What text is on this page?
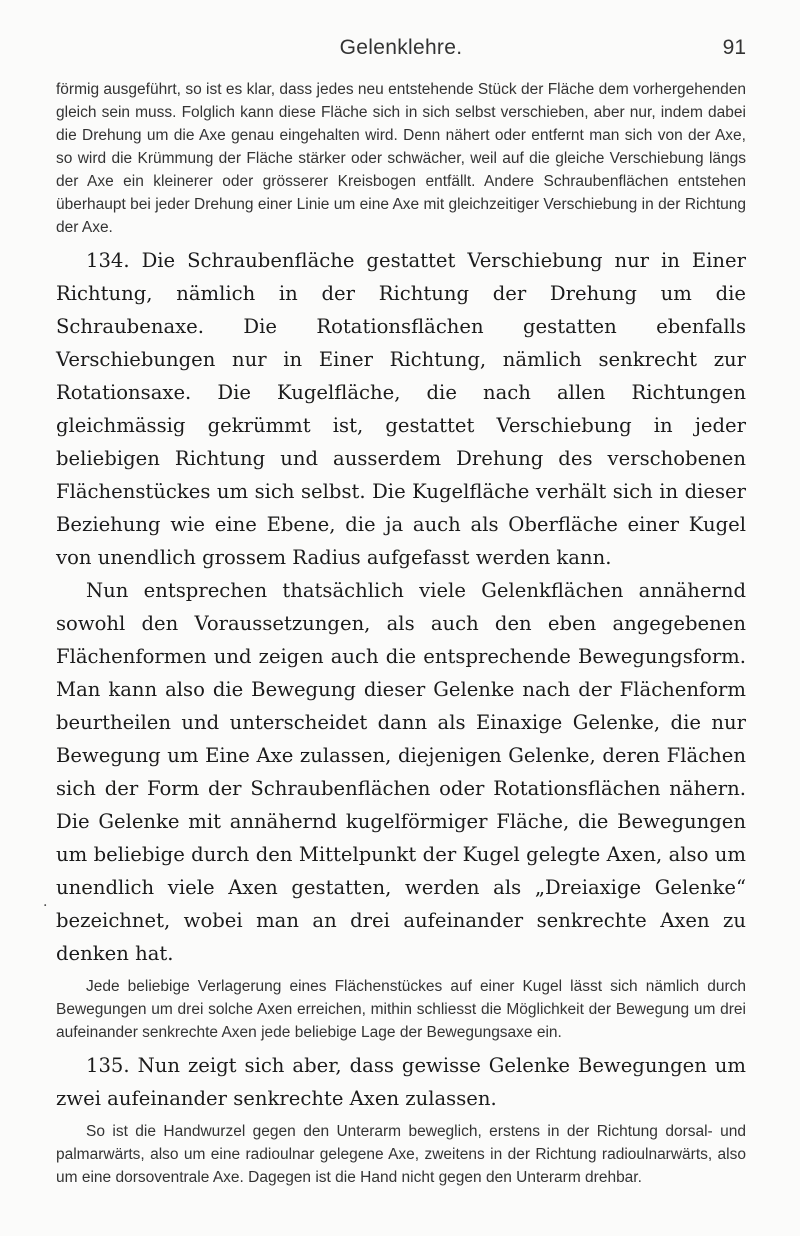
Gelenklehre.	91

förmig ausgeführt, so ist es klar, dass jedes neu entstehende Stück der Fläche dem vorhergehenden gleich sein muss. Folglich kann diese Fläche sich in sich selbst verschieben, aber nur, indem dabei die Drehung um die Axe genau eingehalten wird. Denn nähert oder entfernt man sich von der Axe, so wird die Krümmung der Fläche stärker oder schwächer, weil auf die gleiche Verschiebung längs der Axe ein kleinerer oder grösserer Kreisbogen entfällt. Andere Schraubenflächen entstehen überhaupt bei jeder Drehung einer Linie um eine Axe mit gleichzeitiger Verschiebung in der Richtung der Axe.

134. Die Schraubenfläche gestattet Verschiebung nur in Einer Richtung, nämlich in der Richtung der Drehung um die Schraubenaxe. Die Rotationsflächen gestatten ebenfalls Verschiebungen nur in Einer Richtung, nämlich senkrecht zur Rotationsaxe. Die Kugelfläche, die nach allen Richtungen gleichmässig gekrümmt ist, gestattet Verschiebung in jeder beliebigen Richtung und ausserdem Drehung des verschobenen Flächenstückes um sich selbst. Die Kugelfläche verhält sich in dieser Beziehung wie eine Ebene, die ja auch als Oberfläche einer Kugel von unendlich grossem Radius aufgefasst werden kann.

Nun entsprechen thatsächlich viele Gelenkflächen annähernd sowohl den Voraussetzungen, als auch den eben angegebenen Flächenformen und zeigen auch die entsprechende Bewegungsform. Man kann also die Bewegung dieser Gelenke nach der Flächenform beurtheilen und unterscheidet dann als Einaxige Gelenke, die nur Bewegung um Eine Axe zulassen, diejenigen Gelenke, deren Flächen sich der Form der Schraubenflächen oder Rotationsflächen nähern. Die Gelenke mit annähernd kugelförmiger Fläche, die Bewegungen um beliebige durch den Mittelpunkt der Kugel gelegte Axen, also um unendlich viele Axen gestatten, werden als „Dreiaxige Gelenke“ bezeichnet, wobei man an drei aufeinander senkrechte Axen zu denken hat.

Jede beliebige Verlagerung eines Flächenstückes auf einer Kugel lässt sich nämlich durch Bewegungen um drei solche Axen erreichen, mithin schliesst die Möglichkeit der Bewegung um drei aufeinander senkrechte Axen jede beliebige Lage der Bewegungsaxe ein.

135. Nun zeigt sich aber, dass gewisse Gelenke Bewegungen um zwei aufeinander senkrechte Axen zulassen.

So ist die Handwurzel gegen den Unterarm beweglich, erstens in der Richtung dorsal- und palmarwärts, also um eine radioulnar gelegene Axe, zweitens in der Richtung radioulnarwärts, also um eine dorsoventrale Axe. Dagegen ist die Hand nicht gegen den Unterarm drehbar.

·
